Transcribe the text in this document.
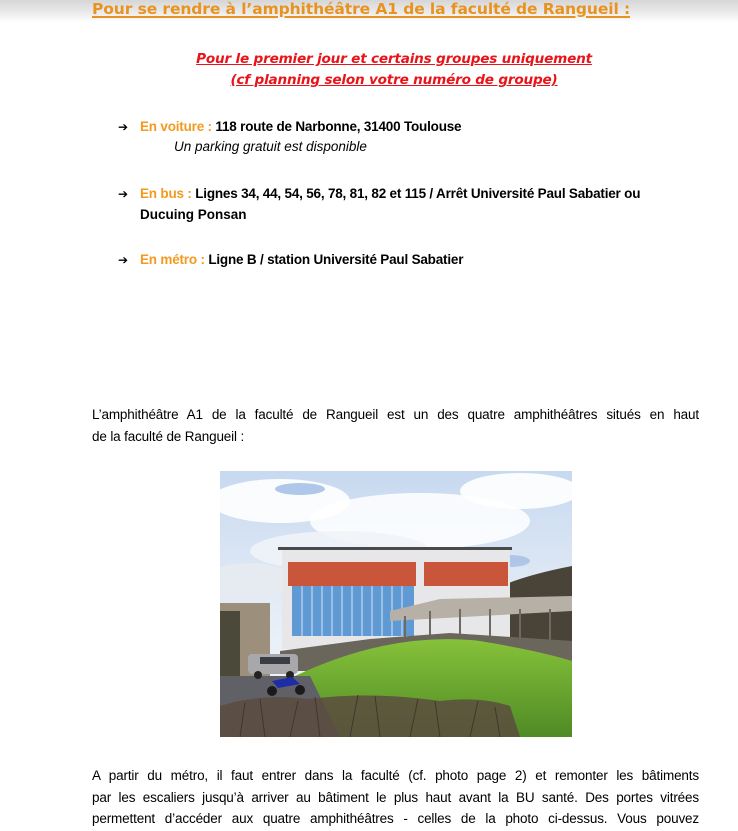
Pour se rendre à l’amphithéâtre A1 de la faculté de Rangueil :
Pour le premier jour et certains groupes uniquement
(cf planning selon votre numéro de groupe)
➔ En voiture : 118 route de Narbonne, 31400 Toulouse
Un parking gratuit est disponible
➔ En bus : Lignes 34, 44, 54, 56, 78, 81, 82 et 115 / Arrêt Université Paul Sabatier ou
Ducuing Ponsan
➔ En métro : Ligne B / station Université Paul Sabatier
L’amphithéâtre A1 de la faculté de Rangueil est un des quatre amphithéâtres situés en haut
de la faculté de Rangueil :
A partir du métro, il faut entrer dans la faculté (cf. photo page 2) et remonter les bâtiments
par les escaliers jusqu’à arriver au bâtiment le plus haut avant la BU santé. Des portes vitrées
permettent d’accéder aux quatre amphithéâtres - celles de la photo ci-dessus. Vous pouvez
